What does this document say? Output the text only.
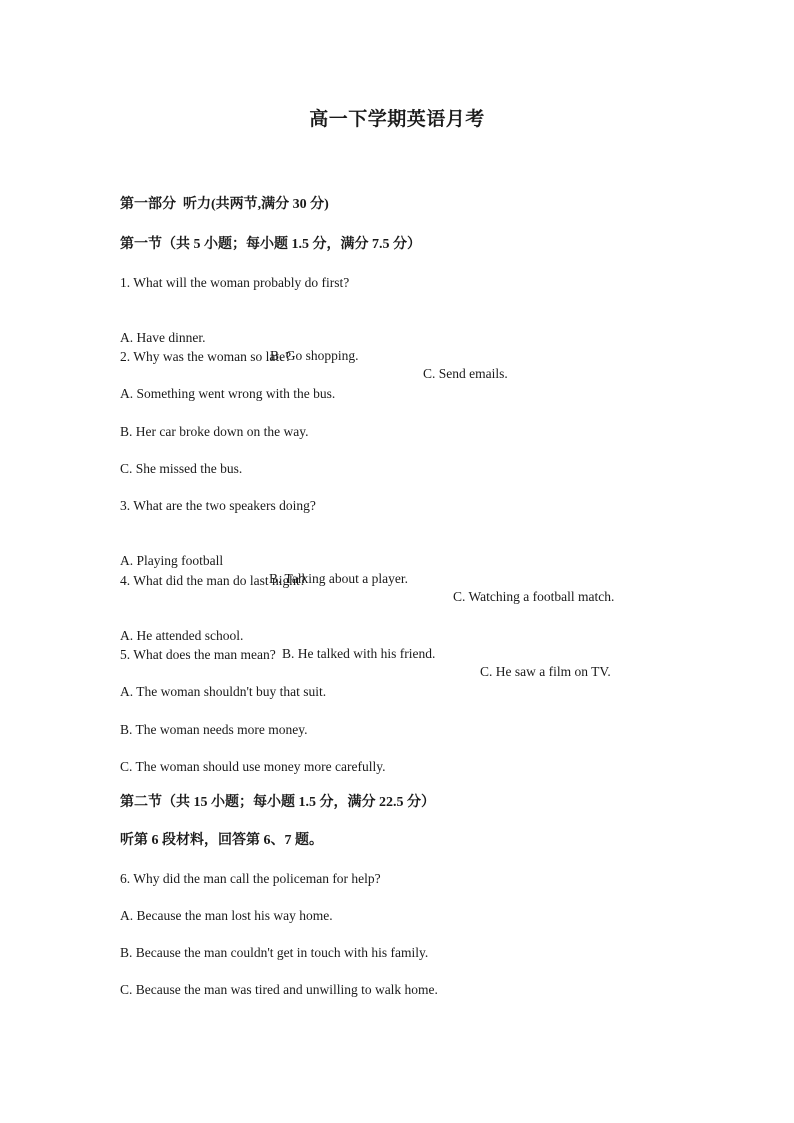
高一下学期英语月考
第一部分  听力(共两节,满分 30 分)
第一节（共 5 小题；每小题 1.5 分，满分 7.5 分）
1. What will the woman probably do first?

A. Have dinner.

B. Go shopping.

C. Send emails.

2. Why was the woman so late?
A. Something went wrong with the bus.
B. Her car broke down on the way.
C. She missed the bus.
3. What are the two speakers doing?

A. Playing football

B. Talking about a player.

C. Watching a football match.

4. What did the man do last night?

A. He attended school.

B. He talked with his friend.

C. He saw a film on TV.

5. What does the man mean?
A. The woman shouldn't buy that suit.
B. The woman needs more money.
C. The woman should use money more carefully.
第二节（共 15 小题；每小题 1.5 分，满分 22.5 分）
听第 6 段材料，回答第 6、7 题。
6. Why did the man call the policeman for help?
A. Because the man lost his way home.
B. Because the man couldn't get in touch with his family.
C. Because the man was tired and unwilling to walk home.
